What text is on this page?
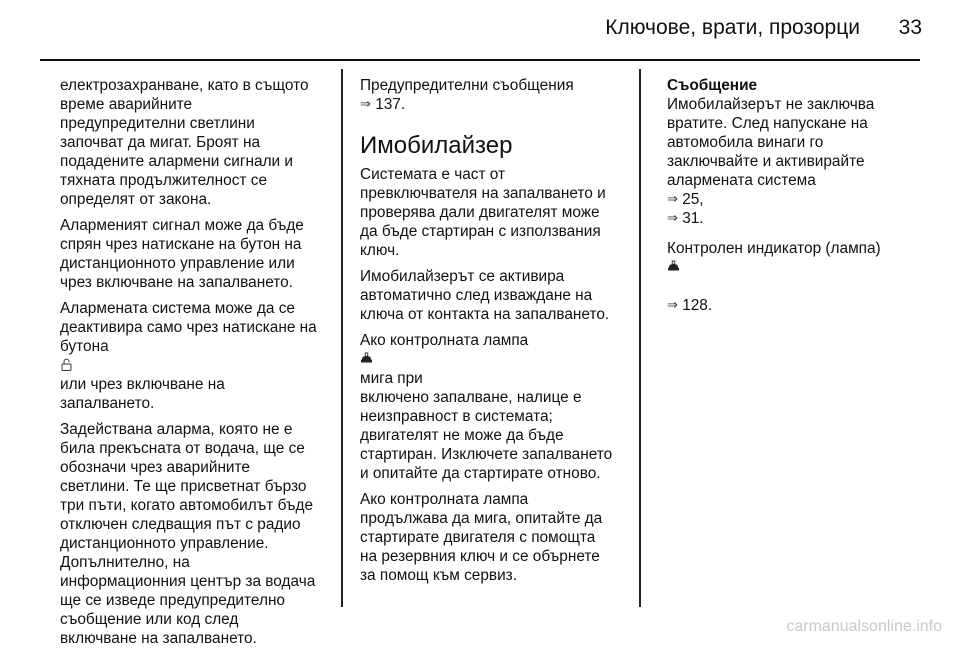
Ключове, врати, прозорци	33

електрозахранване, като в същото
време аварийните
предупредителни светлини
започват да мигат. Броят на
подадените алармени сигнали и
тяхната продължителност се
определят от закона.

Алармeният сигнал може да бъде
спрян чрез натискане на бутон на
дистанционното управление или
чрез включване на запалването.

Алармената система може да се
деактивира само чрез натискане на
бутона

или чрез включване на
запалването.

Задействана аларма, която не е
била прекъсната от водача, ще се
обозначи чрез аварийните
светлини. Те ще присветнат бързо
три пъти, когато автомобилът бъде
отключен следващия път с радио
дистанционното управление.
Допълнително, на
информационния център за водача
ще се изведе предупредително
съобщение или код след
включване на запалването.

Предупредителни съобщения
⇒ 137.

Имобилайзер

Системата е част от
превключвателя на запалването и
проверява дали двигателят може
да бъде стартиран с използвания
ключ.

Имобилайзерът се активира
автоматично след изваждане на
ключа от контакта на запалването.

Ако контролната лампа

мига при
включено запалване, налице е
неизправност в системата;
двигателят не може да бъде
стартиран. Изключете запалването
и опитайте да стартирате отново.

Ако контролната лампа
продължава да мига, опитайте да
стартирате двигателя с помощта
на резервния ключ и се обърнете
за помощ към сервиз.

Съобщение

Имобилайзерът не заключва
вратите. След напускане на
автомобила винаги го
заключвайте и активирайте
алармената система
⇒ 25,
⇒ 31.

Контролен индикатор (лампа)

⇒ 128.

carmanualsonline.info
